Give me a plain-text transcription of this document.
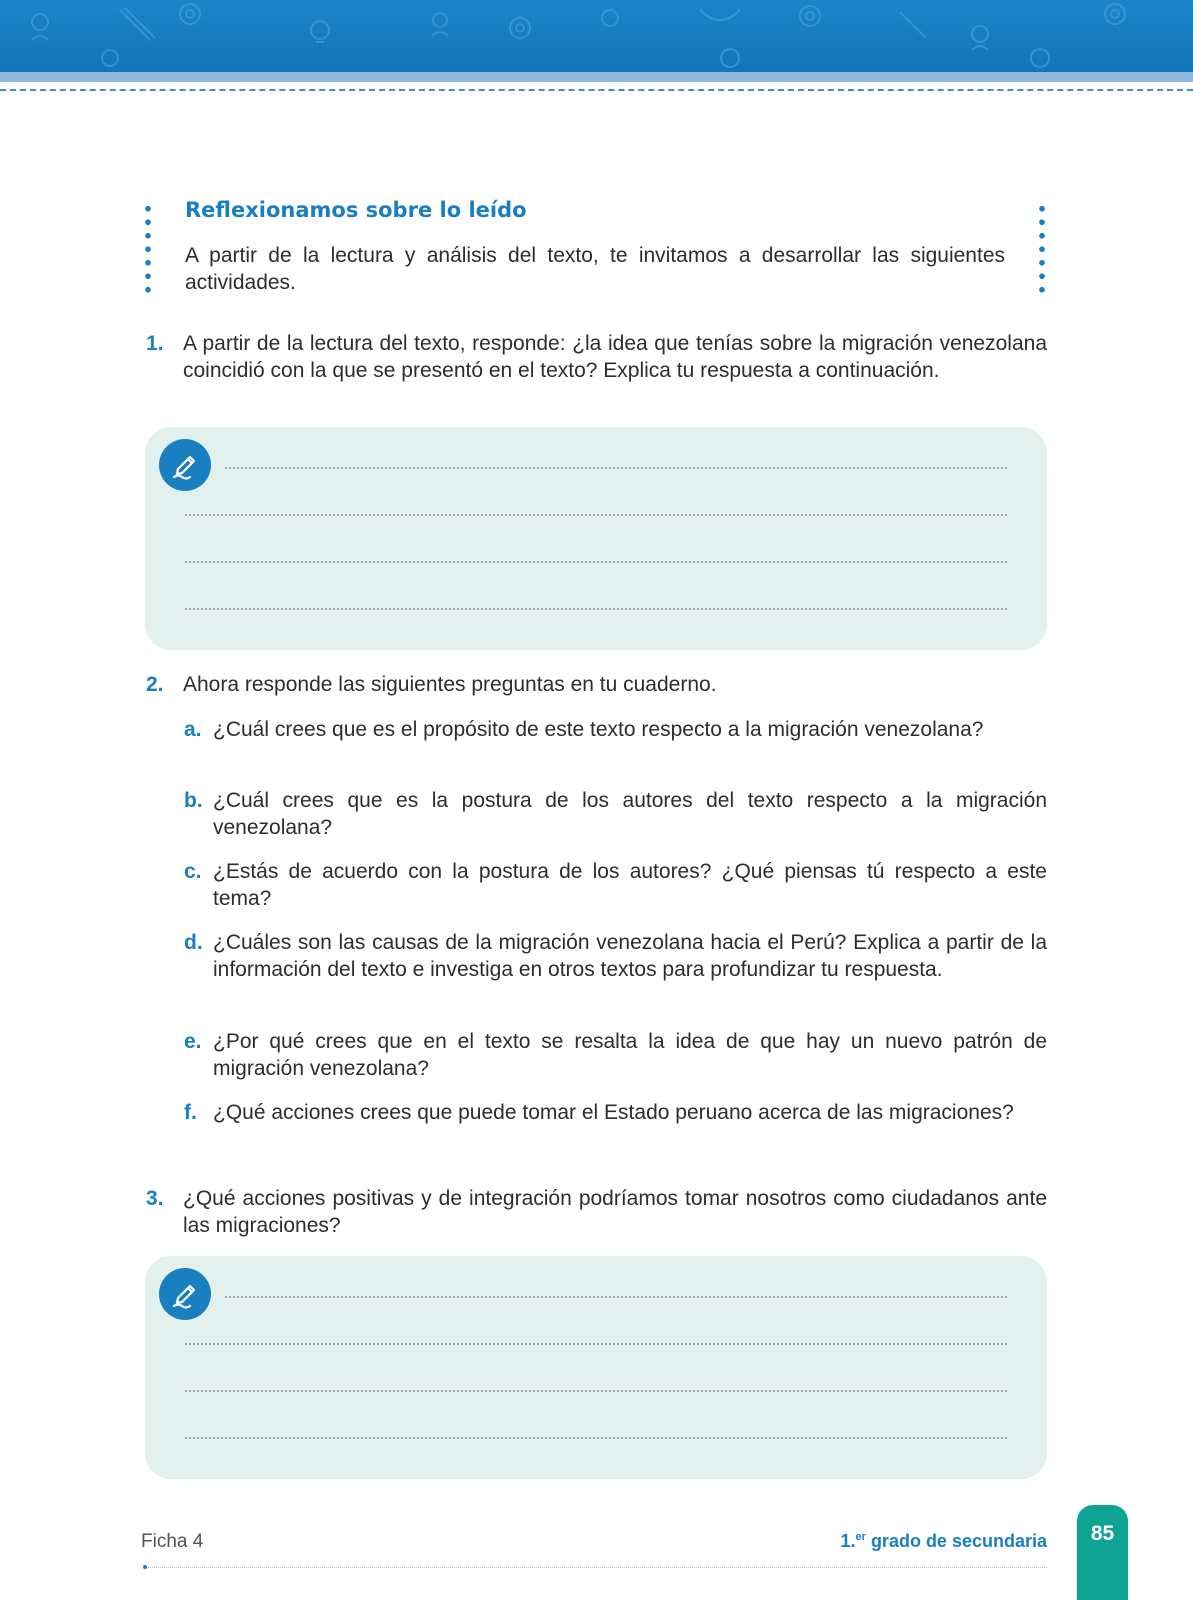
Reflexionamos sobre lo leído

A partir de la lectura y análisis del texto, te invitamos a desarrollar las siguientes actividades.

1. A partir de la lectura del texto, responde: ¿la idea que tenías sobre la migración venezolana coincidió con la que se presentó en el texto? Explica tu respuesta a continuación.
2. Ahora responde las siguientes preguntas en tu cuaderno.
a. ¿Cuál crees que es el propósito de este texto respecto a la migración venezolana?
b. ¿Cuál crees que es la postura de los autores del texto respecto a la migración venezolana?
c. ¿Estás de acuerdo con la postura de los autores? ¿Qué piensas tú respecto a este tema?
d. ¿Cuáles son las causas de la migración venezolana hacia el Perú? Explica a partir de la información del texto e investiga en otros textos para profundizar tu respuesta.
e. ¿Por qué crees que en el texto se resalta la idea de que hay un nuevo patrón de migración venezolana?
f. ¿Qué acciones crees que puede tomar el Estado peruano acerca de las migraciones?
3. ¿Qué acciones positivas y de integración podríamos tomar nosotros como ciudadanos ante las migraciones?
Ficha 4	1.$^{er}$ grado de secundaria	85
